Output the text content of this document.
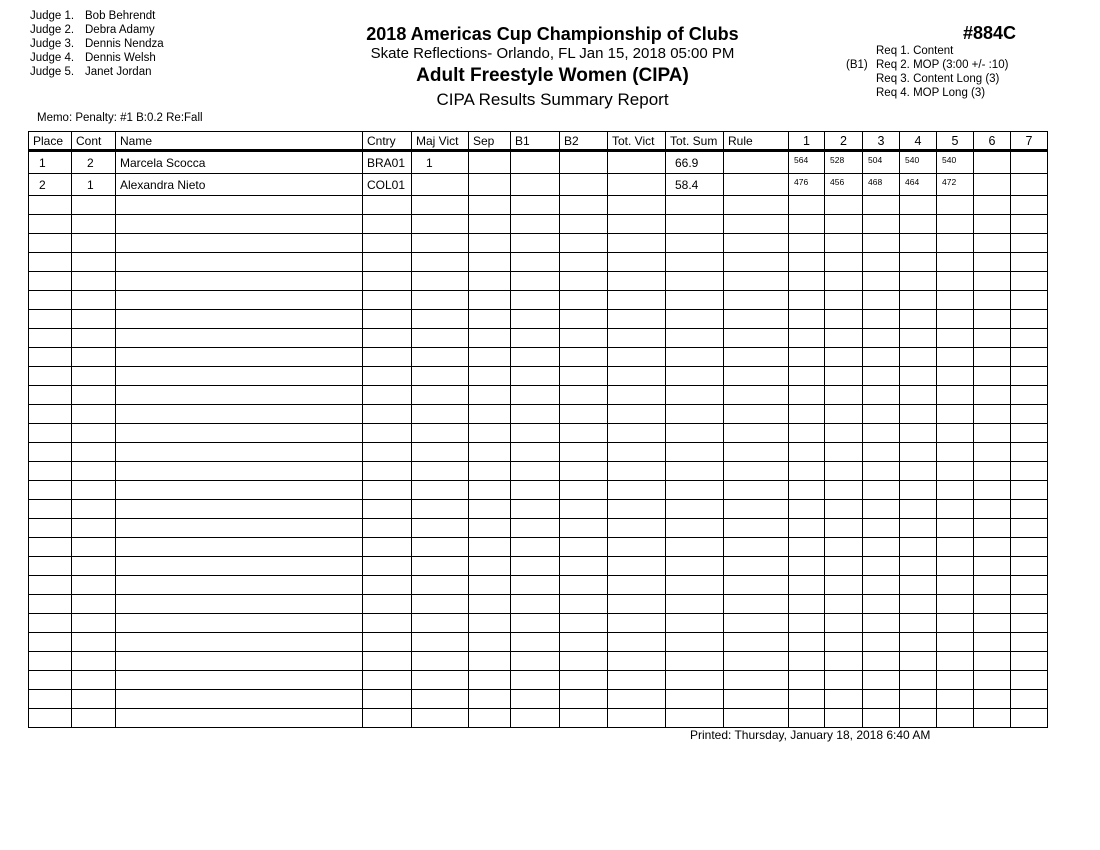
Judge 1. Bob Behrendt
Judge 2. Debra Adamy
Judge 3. Dennis Nendza
Judge 4. Dennis Welsh
Judge 5. Janet Jordan
2018 Americas Cup Championship of Clubs
Skate Reflections- Orlando, FL Jan 15, 2018 05:00 PM
Adult Freestyle Women (CIPA)
CIPA Results Summary Report
#884C
Req 1. Content
(B1) Req 2. MOP (3:00 +/- :10)
Req 3. Content Long (3)
Req 4. MOP Long (3)
Memo: Penalty: #1 B:0.2 Re:Fall
Place	Cont	Name	Cntry	Maj Vict	Sep	B1	B2	Tot. Vict	Tot. Sum	Rule	1	2	3	4	5	6	7
1	2	Marcela Scocca	BRA01	1					66.9		564	528	504	540	540		
2	1	Alexandra Nieto	COL01						58.4		476	456	468	464	472		

Printed: Thursday, January 18, 2018 6:40 AM
